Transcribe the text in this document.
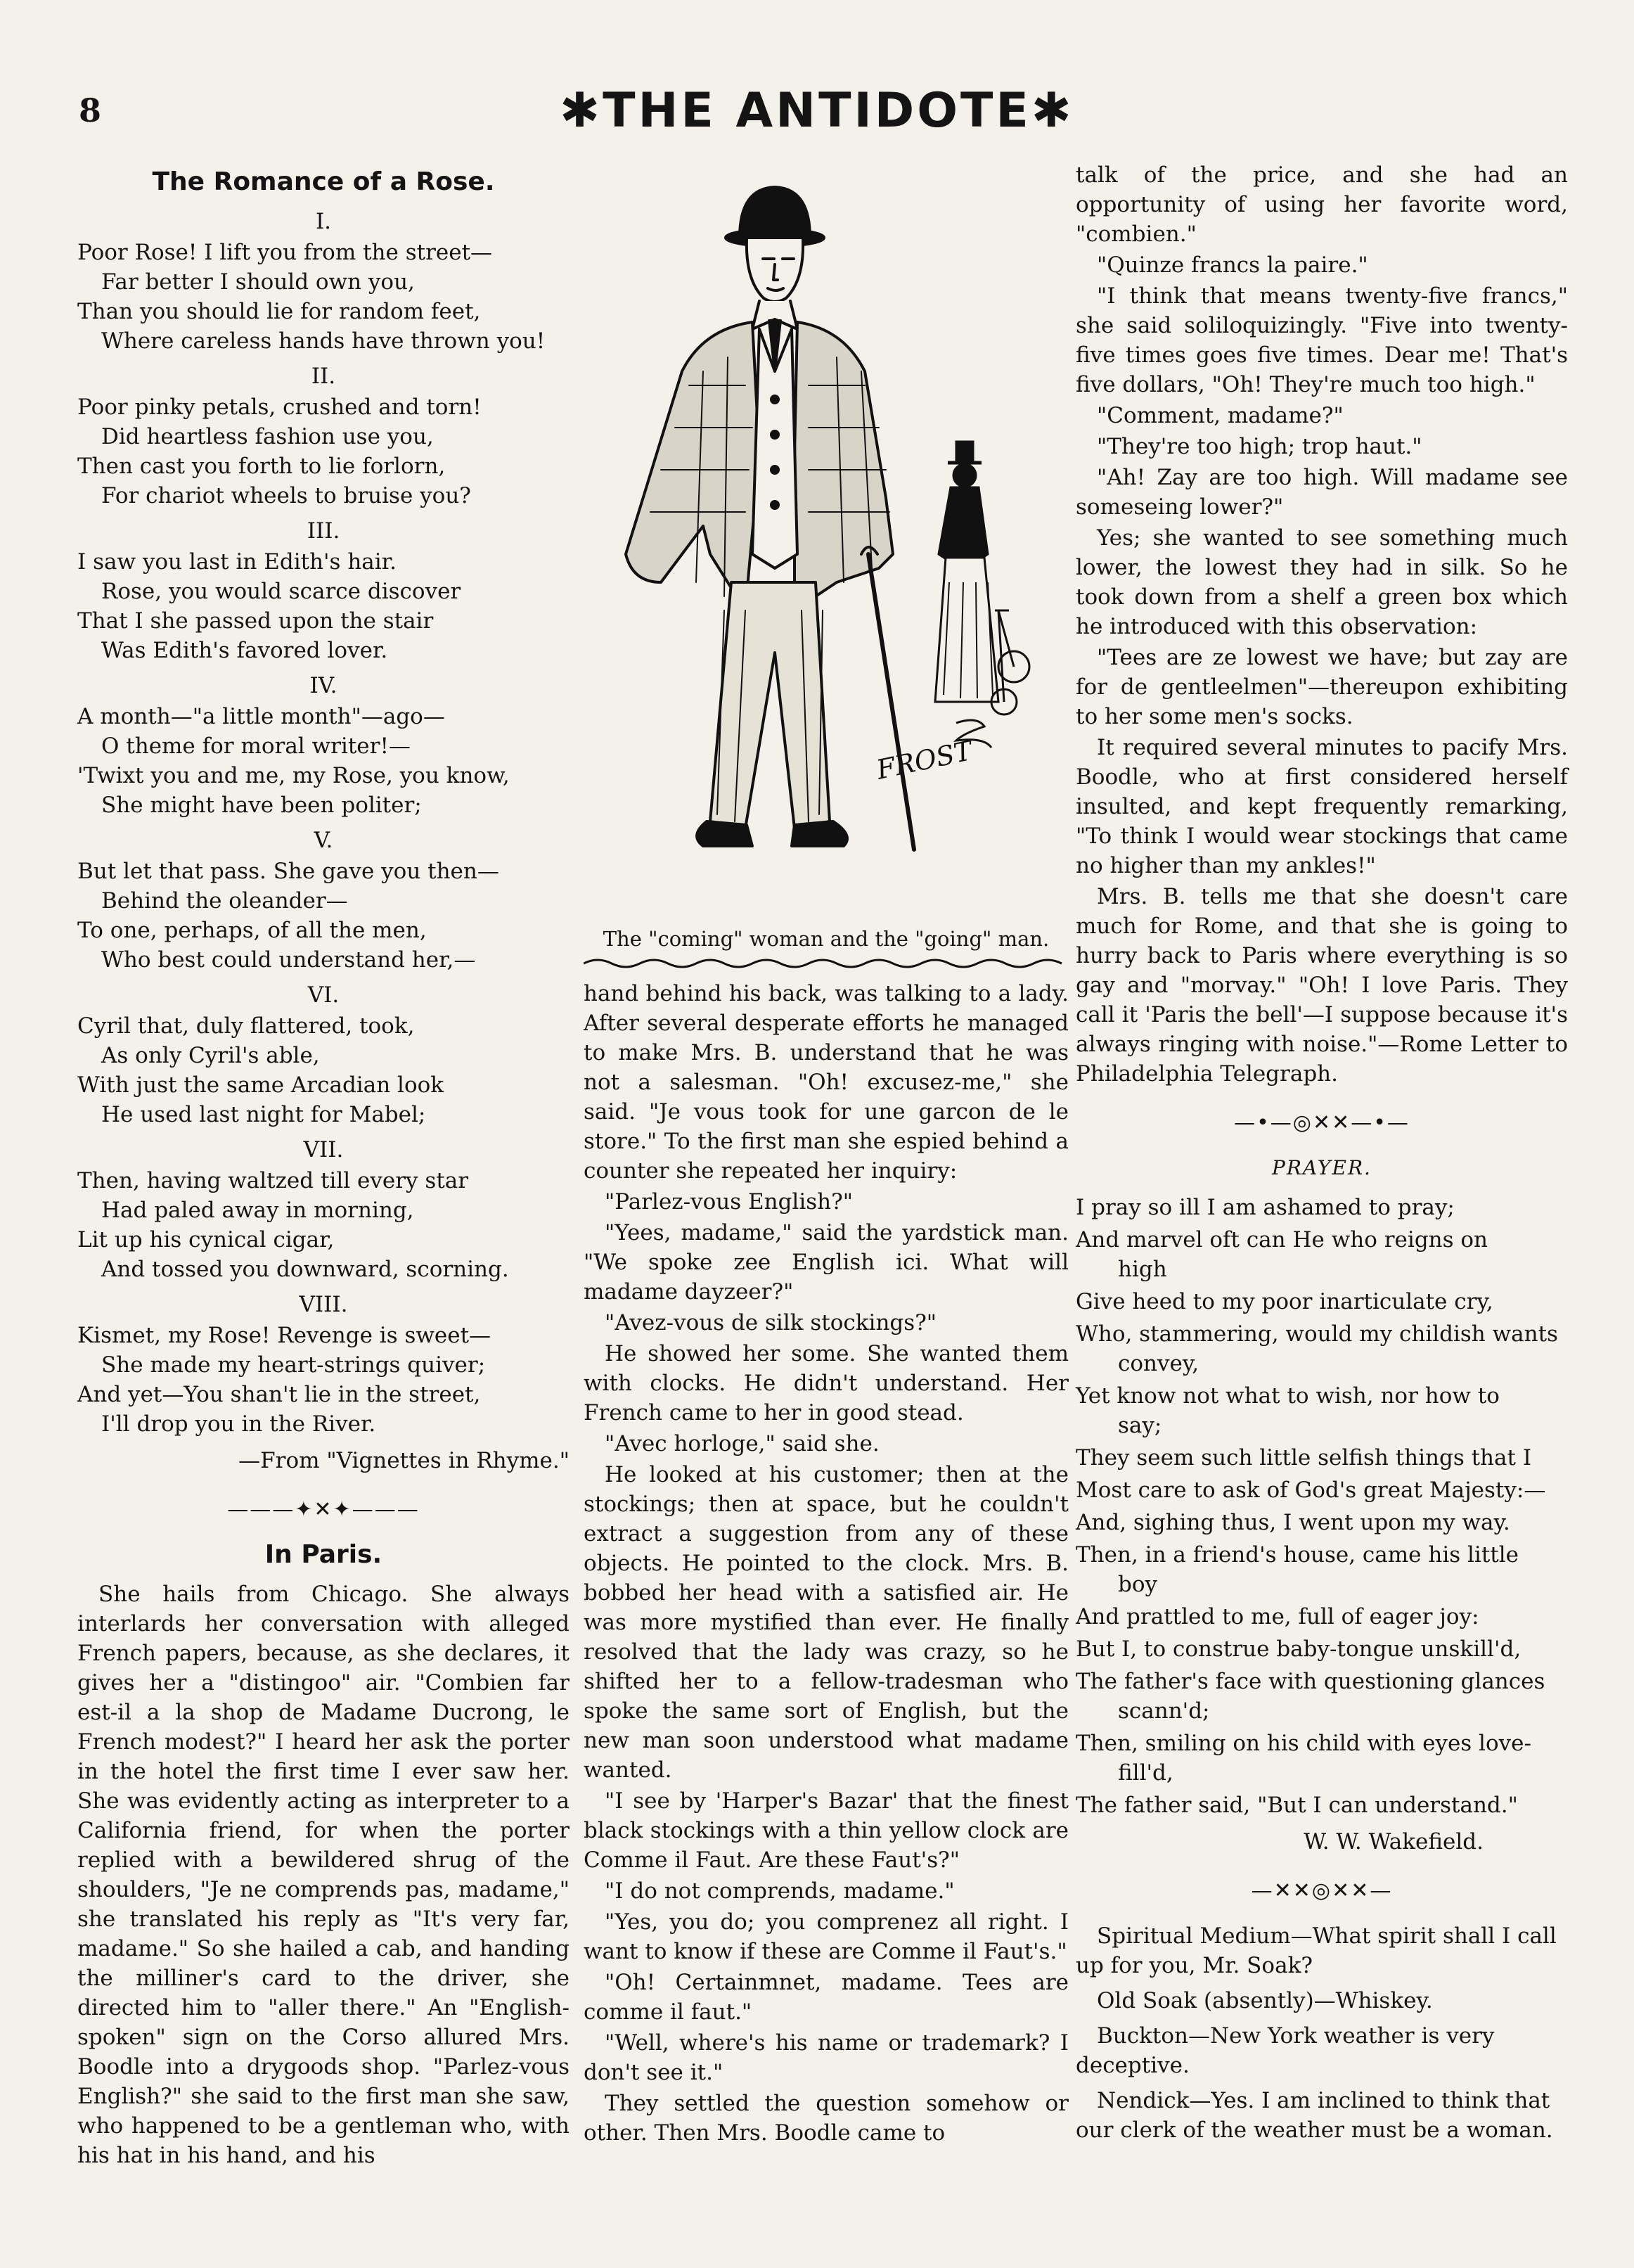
8	✱THE ANTIDOTE✱
The Romance of a Rose.
I.

Poor Rose! I lift you from the street—

Far better I should own you,

Than you should lie for random feet,

Where careless hands have thrown you!

II.

Poor pinky petals, crushed and torn!

Did heartless fashion use you,

Then cast you forth to lie forlorn,

For chariot wheels to bruise you?

III.

I saw you last in Edith's hair.

Rose, you would scarce discover

That I she passed upon the stair

Was Edith's favored lover.

IV.

A month—"a little month"—ago—

O theme for moral writer!—

'Twixt you and me, my Rose, you know,

She might have been politer;

V.

But let that pass. She gave you then—

Behind the oleander—

To one, perhaps, of all the men,

Who best could understand her,—

VI.

Cyril that, duly flattered, took,

As only Cyril's able,

With just the same Arcadian look

He used last night for Mabel;

VII.

Then, having waltzed till every star

Had paled away in morning,

Lit up his cynical cigar,

And tossed you downward, scorning.

VIII.

Kismet, my Rose! Revenge is sweet—

She made my heart-strings quiver;

And yet—You shan't lie in the street,

I'll drop you in the River.

—From "Vignettes in Rhyme."
———✦✕✦———
In Paris.

She hails from Chicago. She always interlards her conversation with alleged French papers, because, as she declares, it gives her a "distingoo" air. "Combien far est-il a la shop de Madame Ducrong, le French modest?" I heard her ask the porter in the hotel the first time I ever saw her. She was evidently acting as interpreter to a California friend, for when the porter replied with a bewildered shrug of the shoulders, "Je ne comprends pas, madame," she translated his reply as "It's very far, madame." So she hailed a cab, and handing the milliner's card to the driver, she directed him to "aller there." An "English-spoken" sign on the Corso allured Mrs. Boodle into a drygoods shop. "Parlez-vous English?" she said to the first man she saw, who happened to be a gentleman who, with his hat in his hand, and his

FROST
The "coming" woman and the "going" man.

hand behind his back, was talking to a lady. After several desperate efforts he managed to make Mrs. B. understand that he was not a salesman. "Oh! excusez-me," she said. "Je vous took for une garcon de le store." To the first man she espied behind a counter she repeated her inquiry:

"Parlez-vous English?"

"Yees, madame," said the yardstick man. "We spoke zee English ici. What will madame dayzeer?"

"Avez-vous de silk stockings?"

He showed her some. She wanted them with clocks. He didn't understand. Her French came to her in good stead.

"Avec horloge," said she.

He looked at his customer; then at the stockings; then at space, but he couldn't extract a suggestion from any of these objects. He pointed to the clock. Mrs. B. bobbed her head with a satisfied air. He was more mystified than ever. He finally resolved that the lady was crazy, so he shifted her to a fellow-tradesman who spoke the same sort of English, but the new man soon understood what madame wanted.

"I see by 'Harper's Bazar' that the finest black stockings with a thin yellow clock are Comme il Faut. Are these Faut's?"

"I do not comprends, madame."

"Yes, you do; you comprenez all right. I want to know if these are Comme il Faut's."

"Oh! Certainmnet, madame. Tees are comme il faut."

"Well, where's his name or trademark? I don't see it."

They settled the question somehow or other. Then Mrs. Boodle came to

talk of the price, and she had an opportunity of using her favorite word, "combien."

"Quinze francs la paire."

"I think that means twenty-five francs," she said soliloquizingly. "Five into twenty-five times goes five times. Dear me! That's five dollars, "Oh! They're much too high."

"Comment, madame?"

"They're too high; trop haut."

"Ah! Zay are too high. Will madame see someseing lower?"

Yes; she wanted to see something much lower, the lowest they had in silk. So he took down from a shelf a green box which he introduced with this observation:

"Tees are ze lowest we have; but zay are for de gentleelmen"—thereupon exhibiting to her some men's socks.

It required several minutes to pacify Mrs. Boodle, who at first considered herself insulted, and kept frequently remarking, "To think I would wear stockings that came no higher than my ankles!"

Mrs. B. tells me that she doesn't care much for Rome, and that she is going to hurry back to Paris where everything is so gay and "morvay." "Oh! I love Paris. They call it 'Paris the bell'—I suppose because it's always ringing with noise."—Rome Letter to Philadelphia Telegraph.

—•—◎✕✕—•—
PRAYER.

I pray so ill I am ashamed to pray;

And marvel oft can He who reigns on

high

Give heed to my poor inarticulate cry,

Who, stammering, would my childish wants

convey,

Yet know not what to wish, nor how to

say;

They seem such little selfish things that I

Most care to ask of God's great Majesty:—

And, sighing thus, I went upon my way.

Then, in a friend's house, came his little

boy

And prattled to me, full of eager joy:

But I, to construe baby-tongue unskill'd,

The father's face with questioning glances

scann'd;

Then, smiling on his child with eyes love-

fill'd,

The father said, "But I can understand."

W. W. Wakefield.
—✕✕◎✕✕—

Spiritual Medium—What spirit shall I call up for you, Mr. Soak?

Old Soak (absently)—Whiskey.

Buckton—New York weather is very deceptive.

Nendick—Yes. I am inclined to think that our clerk of the weather must be a woman.
